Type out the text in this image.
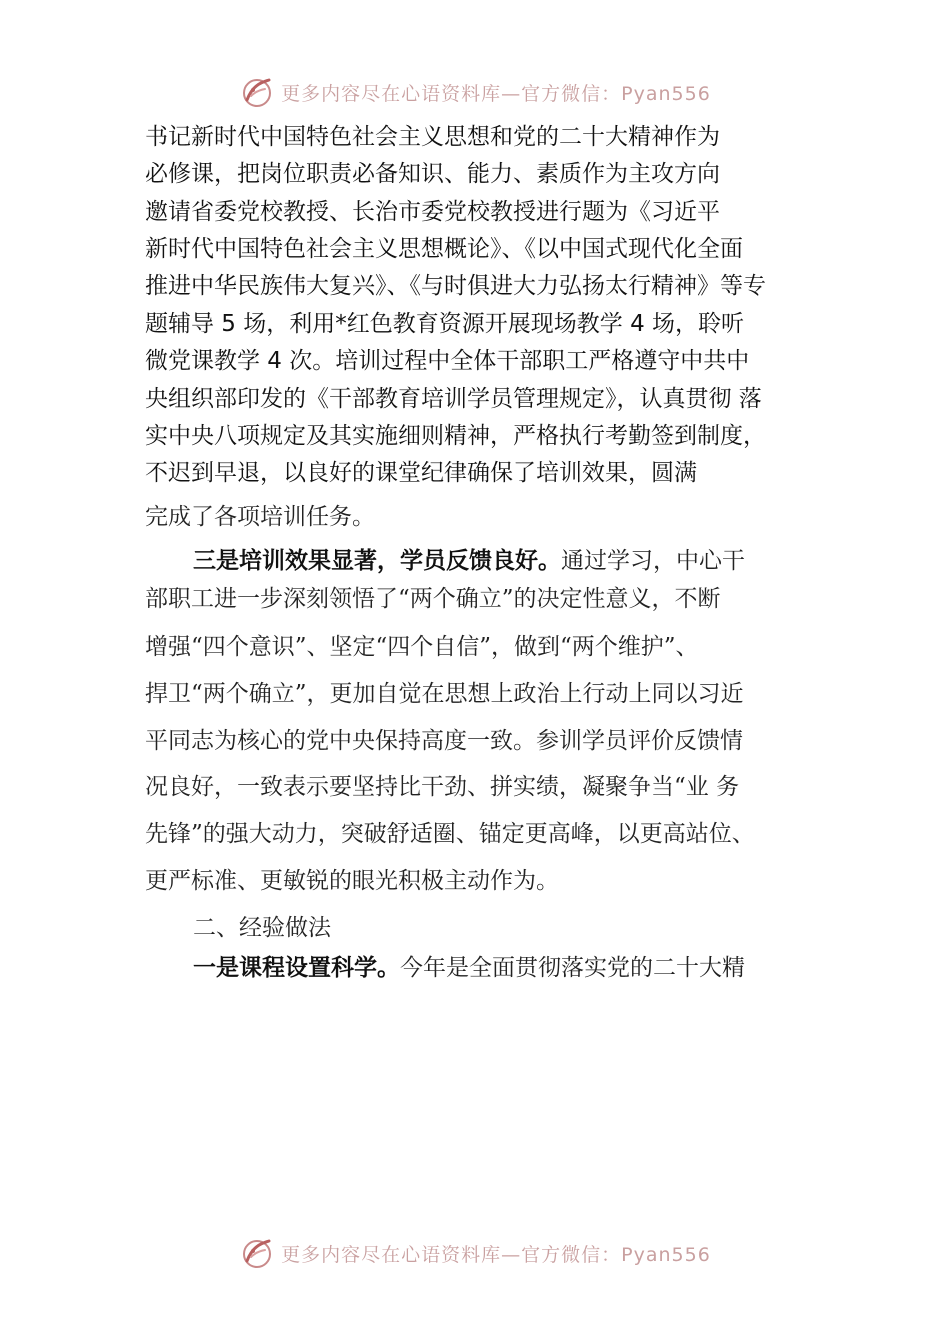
更多内容尽在心语资料库—官方微信：Pyan556
书记新时代中国特色社会主义思想和党的二十大精神作为
必修课，把岗位职责必备知识、能力、素质作为主攻方向
邀请省委党校教授、长治市委党校教授进行题为《习近平
新时代中国特色社会主义思想概论》、《以中国式现代化全面
推进中华民族伟大复兴》、《与时俱进大力弘扬太行精神》等专
题辅导 5 场，利用*红色教育资源开展现场教学 4 场，聆听
微党课教学 4 次。培训过程中全体干部职工严格遵守中共中
央组织部印发的《干部教育培训学员管理规定》，认真贯彻 落
实中央八项规定及其实施细则精神，严格执行考勤签到制度，
不迟到早退，以良好的课堂纪律确保了培训效果，圆满
完成了各项培训任务。
三是培训效果显著，学员反馈良好。通过学习，中心干
部职工进一步深刻领悟了“两个确立”的决定性意义，不断
增强“四个意识”、坚定“四个自信”，做到“两个维护”、
捍卫“两个确立”，更加自觉在思想上政治上行动上同以习近
平同志为核心的党中央保持高度一致。参训学员评价反馈情
况良好，一致表示要坚持比干劲、拼实绩，凝聚争当“业 务
先锋”的强大动力，突破舒适圈、锚定更高峰，以更高站位、
更严标准、更敏锐的眼光积极主动作为。
二、经验做法
一是课程设置科学。今年是全面贯彻落实党的二十大精
更多内容尽在心语资料库—官方微信：Pyan556
